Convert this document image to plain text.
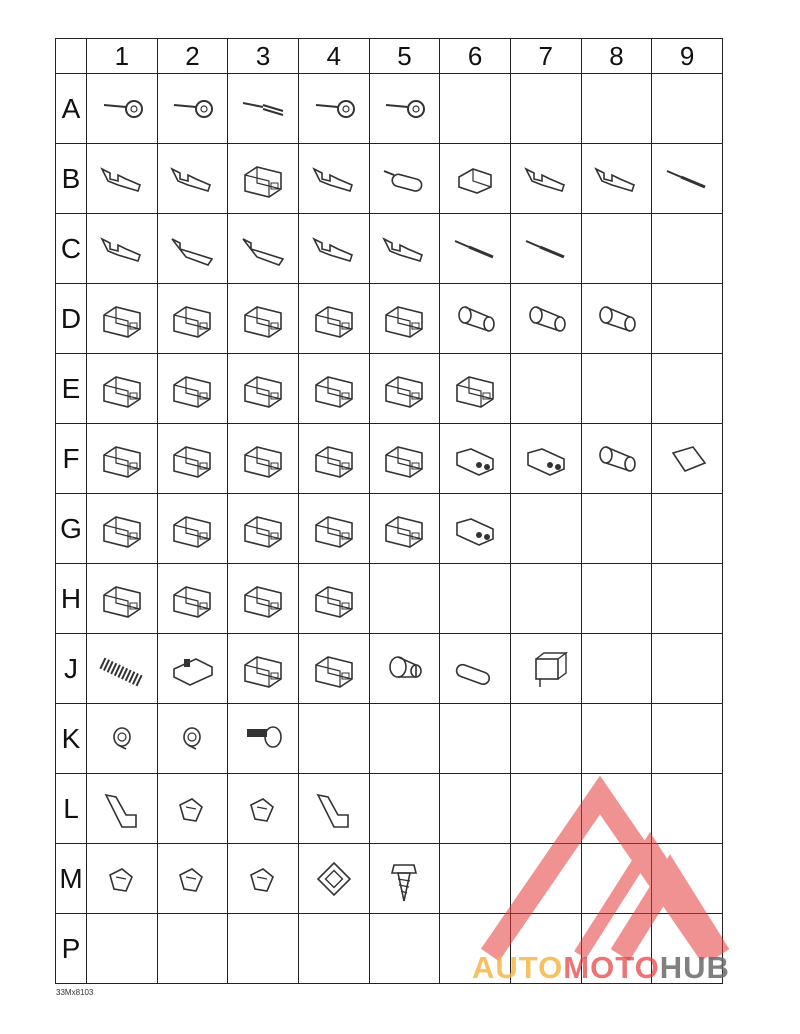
	1	2	3	4	5	6	7	8	9
A	

B	

C	

D	

E	

F	

G	

H	

J	

K	

L	

M	

P									
33Mx8103
AUTOMOTOHUB
